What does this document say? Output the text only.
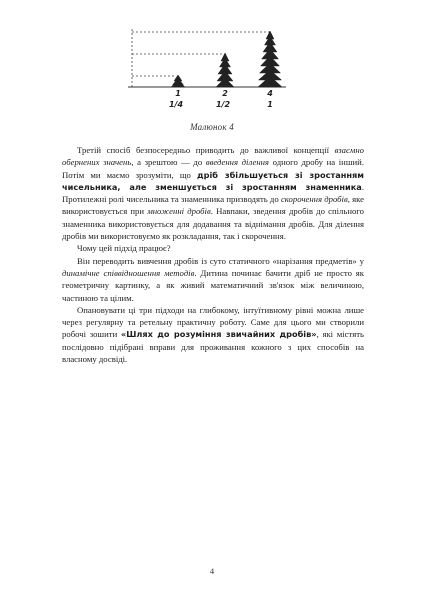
1	2	4
1/4	1/2	1
Малюнок 4

Третій спосіб безпосередньо приводить до важливої концепції взаємно обернених значень, а зрештою — до введення ділення одного дробу на інший. Потім ми маємо зрозуміти, що дріб збільшується зі зростанням чисельника, але зменшується зі зростанням знаменника. Протилежні ролі чисельника та знаменника призводять до скорочення дробів, яке використовується при множенні дробів. Навпаки, зведення дробів до спільного знаменника використовується для додавання та віднімання дробів. Для ділення дробів ми використовуємо як розкладання, так і скорочення.

Чому цей підхід працює?

Він переводить вивчення дробів із суто статичного «нарізання предметів» у динамічне співвідношення методів. Дитина починає бачити дріб не просто як геометричну картинку, а як живий математичний зв'язок між величиною, частиною та цілим.

Опановувати ці три підходи на глибокому, інтуїтивному рівні можна лише через регулярну та ретельну практичну роботу. Саме для цього ми створили робочі зошити «Шлях до розуміння звичайних дробів», які містять послідовно підібрані вправи для проживання кожного з цих способів на власному досвіді.

4
